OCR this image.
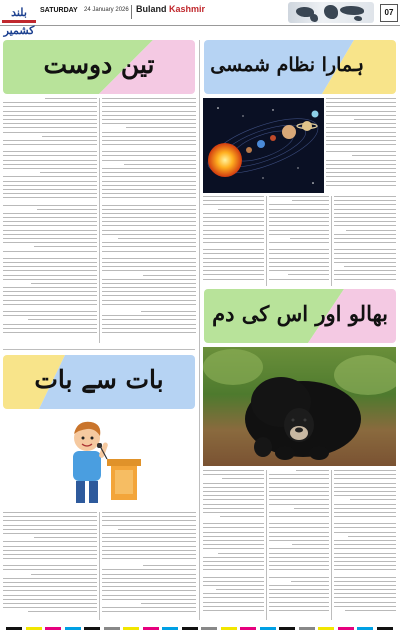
بلند کشمیر
SATURDAY 24 January 2026 Buland Kashmir	07
تین دوست	ہمارا نظام شمسی
بھالو اور اس کی دم
بات سے بات
